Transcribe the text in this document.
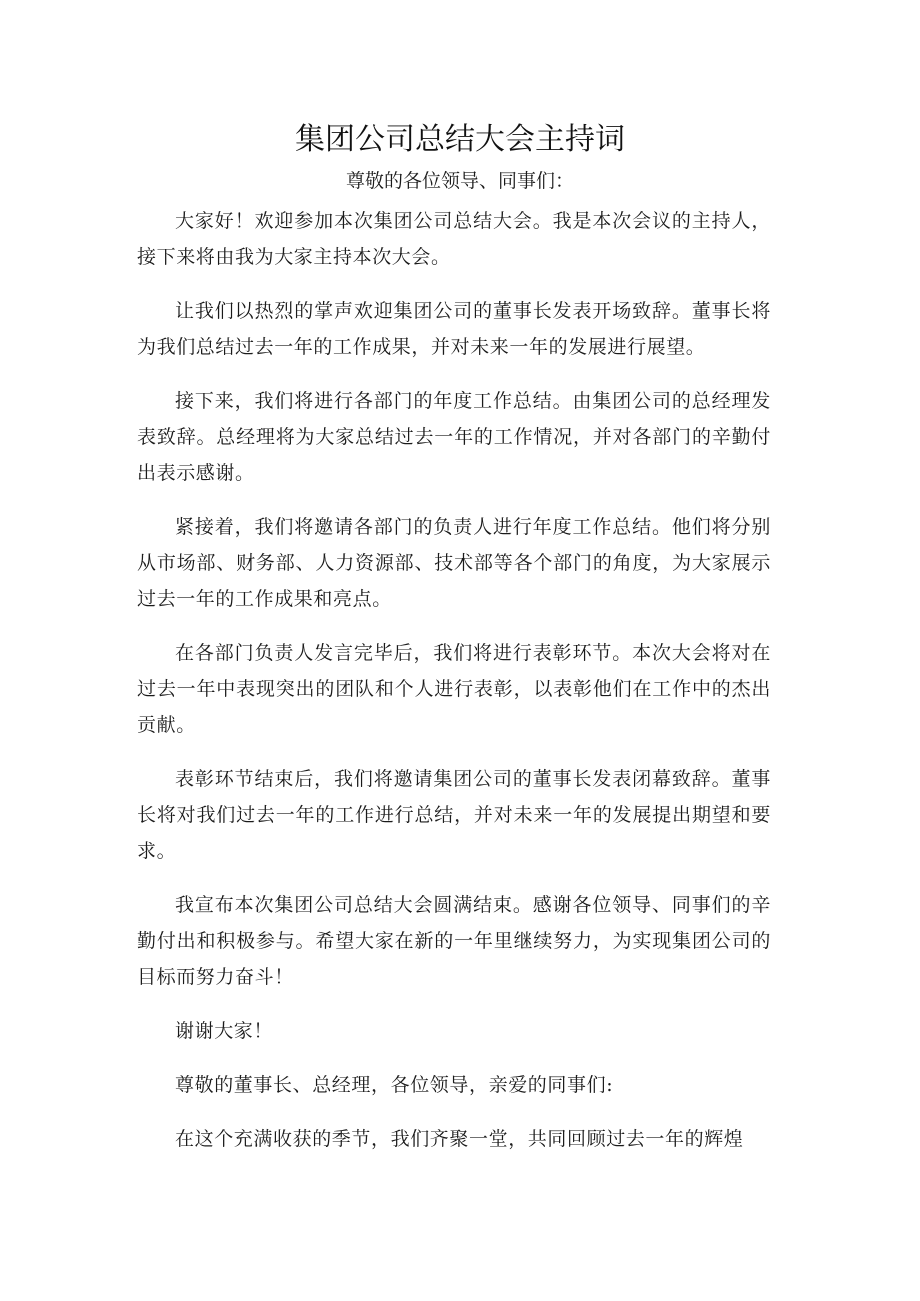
集团公司总结大会主持词

尊敬的各位领导、同事们：

大家好！欢迎参加本次集团公司总结大会。我是本次会议的主持人，接下来将由我为大家主持本次大会。

让我们以热烈的掌声欢迎集团公司的董事长发表开场致辞。董事长将为我们总结过去一年的工作成果，并对未来一年的发展进行展望。

接下来，我们将进行各部门的年度工作总结。由集团公司的总经理发表致辞。总经理将为大家总结过去一年的工作情况，并对各部门的辛勤付出表示感谢。

紧接着，我们将邀请各部门的负责人进行年度工作总结。他们将分别从市场部、财务部、人力资源部、技术部等各个部门的角度，为大家展示过去一年的工作成果和亮点。

在各部门负责人发言完毕后，我们将进行表彰环节。本次大会将对在过去一年中表现突出的团队和个人进行表彰，以表彰他们在工作中的杰出贡献。

表彰环节结束后，我们将邀请集团公司的董事长发表闭幕致辞。董事长将对我们过去一年的工作进行总结，并对未来一年的发展提出期望和要求。

我宣布本次集团公司总结大会圆满结束。感谢各位领导、同事们的辛勤付出和积极参与。希望大家在新的一年里继续努力，为实现集团公司的目标而努力奋斗！

谢谢大家！

尊敬的董事长、总经理，各位领导，亲爱的同事们:

在这个充满收获的季节，我们齐聚一堂，共同回顾过去一年的辉煌
